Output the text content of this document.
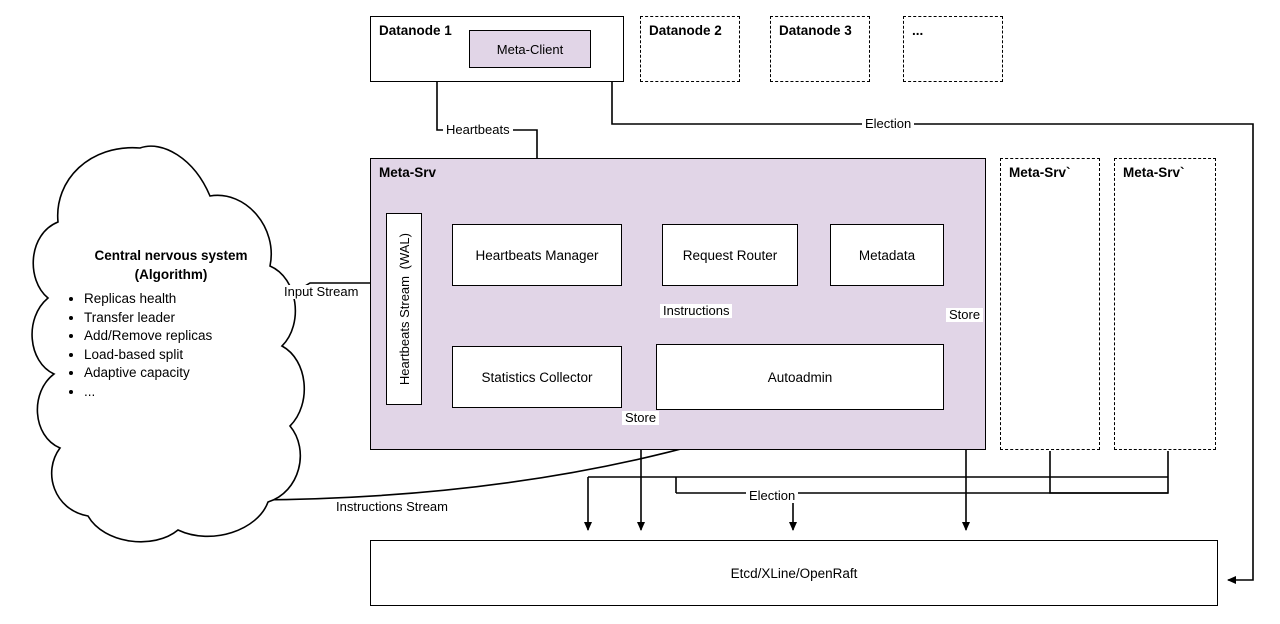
Datanode 1
Meta-Client
Datanode 2	Datanode 3	...
Meta-Srv
(WAL)
Heartbeats Stream
Heartbeats Manager	Request Router	Metadata
Statistics Collector	Autoadmin
Meta-Srv`	Meta-Srv`
Etcd/XLine/OpenRaft
Central nervous system
(Algorithm)
• Replicas health
• Transfer leader
• Add/Remove replicas
• Load-based split
• Adaptive capacity
• ...
Heartbeats	Election
Input Stream
Instructions	Store
Store
Instructions Stream
Election
